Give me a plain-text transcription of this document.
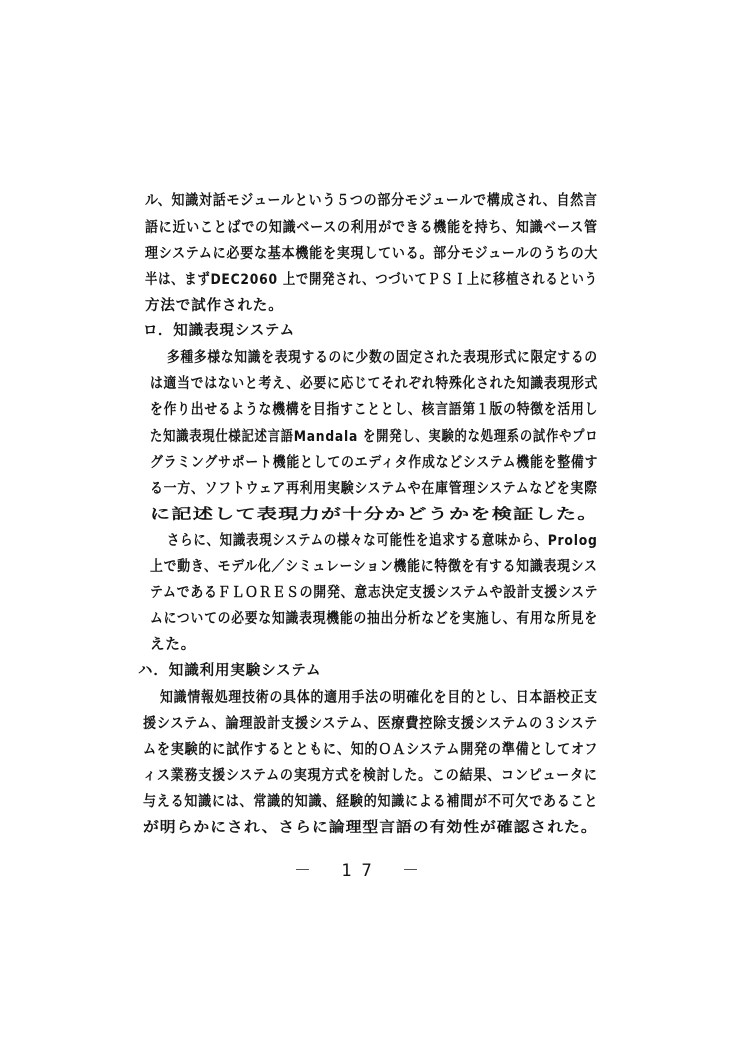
ル、知識対話モジュールという５つの部分モジュールで構成され、自然言
語に近いことばでの知識ベースの利用ができる機能を持ち、知識ベース管
理システムに必要な基本機能を実現している。部分モジュールのうちの大
半は、まずDEC2060 上で開発され、つづいてＰＳＩ上に移植されるという
方法で試作された。
ロ．知識表現システム
多種多様な知識を表現するのに少数の固定された表現形式に限定するの
は適当ではないと考え、必要に応じてそれぞれ特殊化された知識表現形式
を作り出せるような機構を目指すこととし、核言語第１版の特徴を活用し
た知識表現仕様記述言語Mandala を開発し、実験的な処理系の試作やプロ
グラミングサポート機能としてのエディタ作成などシステム機能を整備す
る一方、ソフトウェア再利用実験システムや在庫管理システムなどを実際
に記述して表現力が十分かどうかを検証した。
さらに、知識表現システムの様々な可能性を追求する意味から、Prolog
上で動き、モデル化／シミュレーション機能に特徴を有する知識表現シス
テムであるＦＬＯＲＥＳの開発、意志決定支援システムや設計支援システ
ムについての必要な知識表現機能の抽出分析などを実施し、有用な所見を
えた。
ハ．知識利用実験システム
知識情報処理技術の具体的適用手法の明確化を目的とし、日本語校正支
援システム、論理設計支援システム、医療費控除支援システムの３システ
ムを実験的に試作するとともに、知的ＯＡシステム開発の準備としてオフ
ィス業務支援システムの実現方式を検討した。この結果、コンピュータに
与える知識には、常識的知識、経験的知識による補間が不可欠であること
が明らかにされ、さらに論理型言語の有効性が確認された。
－ 17 －
